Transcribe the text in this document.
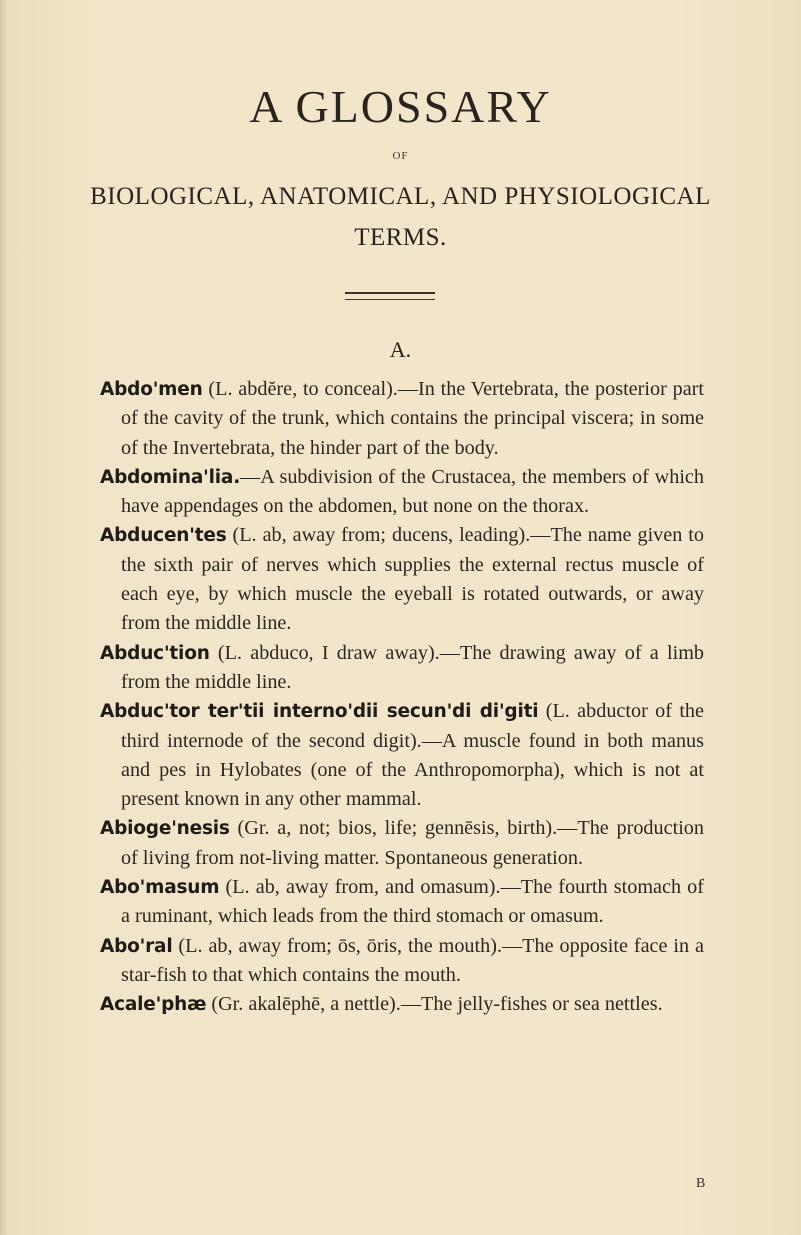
A GLOSSARY
OF
BIOLOGICAL, ANATOMICAL, AND PHYSIOLOGICAL
TERMS.
A.

Abdo'men (L. abdĕre, to conceal).—In the Vertebrata, the posterior part of the cavity of the trunk, which contains the principal viscera; in some of the Invertebrata, the hinder part of the body.

Abdomina'lia.—A subdivision of the Crustacea, the members of which have appendages on the abdomen, but none on the thorax.

Abducen'tes (L. ab, away from; ducens, leading).—The name given to the sixth pair of nerves which supplies the external rectus muscle of each eye, by which muscle the eyeball is rotated outwards, or away from the middle line.

Abduc'tion (L. abduco, I draw away).—The drawing away of a limb from the middle line.

Abduc'tor ter'tii interno'dii secun'di di'giti (L. abductor of the third internode of the second digit).—A muscle found in both manus and pes in Hylobates (one of the Anthropomorpha), which is not at present known in any other mammal.

Abioge'nesis (Gr. a, not; bios, life; gennēsis, birth).—The production of living from not-living matter. Spontaneous generation.

Abo'masum (L. ab, away from, and omasum).—The fourth stomach of a ruminant, which leads from the third stomach or omasum.

Abo'ral (L. ab, away from; ōs, ōris, the mouth).—The opposite face in a star-fish to that which contains the mouth.

Acale'phæ (Gr. akalēphē, a nettle).—The jelly-fishes or sea nettles.

B
